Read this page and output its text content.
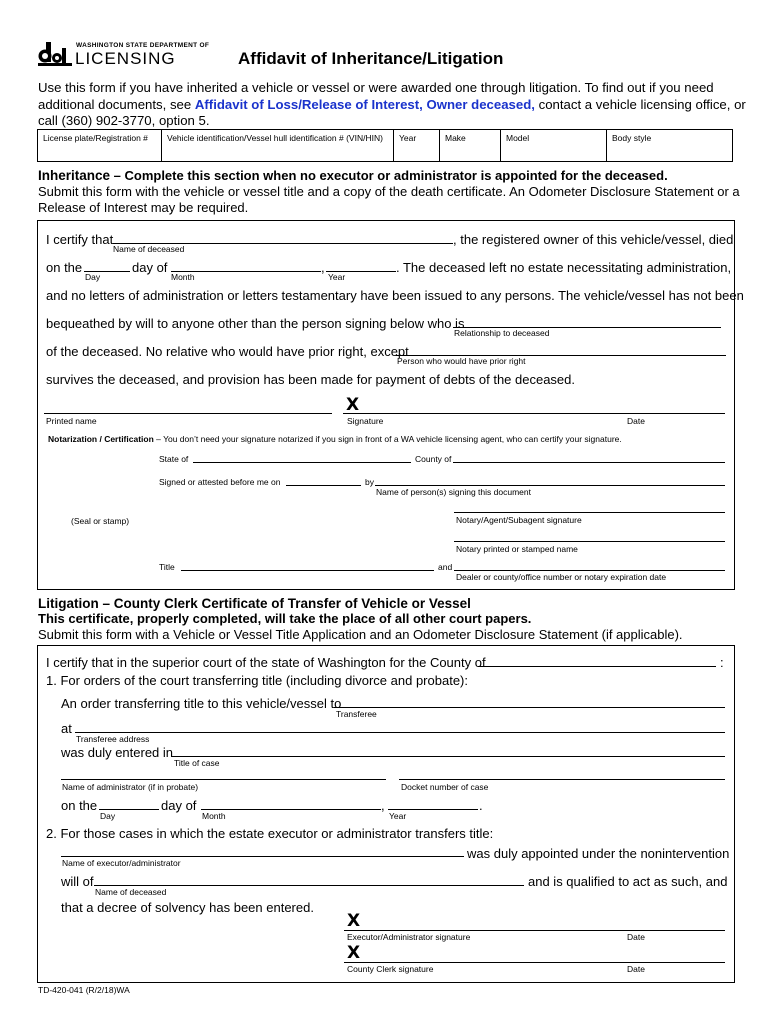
WASHINGTON STATE DEPARTMENT OF
LICENSING	Affidavit of Inheritance/Litigation
Use this form if you have inherited a vehicle or vessel or were awarded one through litigation. To find out if you need
additional documents, see Affidavit of Loss/Release of Interest, Owner deceased, contact a vehicle licensing office, or
call (360) 902-3770, option 5.
License plate/Registration #	Vehicle identification/Vessel hull identification # (VIN/HIN)	Year	Make	Model	Body style
Inheritance – Complete this section when no executor or administrator is appointed for the deceased.
Submit this form with the vehicle or vessel title and a copy of the death certificate. An Odometer Disclosure Statement or a
Release of Interest may be required.
I certify that	, the registered owner of this vehicle/vessel, died
Name of deceased
on the	day of	,	. The deceased left no estate necessitating administration,
Day	Month	Year
and no letters of administration or letters testamentary have been issued to any persons. The vehicle/vessel has not been
bequeathed by will to anyone other than the person signing below who is
Relationship to deceased
of the deceased. No relative who would have prior right, except
Person who would have prior right
survives the deceased, and provision has been made for payment of debts of the deceased.
X
Printed name	Signature	Date
Notarization / Certification – You don’t need your signature notarized if you sign in front of a WA vehicle licensing agent, who can certify your signature.
State of	County of
Signed or attested before me on	by
Name of person(s) signing this document
(Seal or stamp)	Notary/Agent/Subagent signature
Notary printed or stamped name
Title	and
Dealer or county/office number or notary expiration date
Litigation – County Clerk Certificate of Transfer of Vehicle or Vessel
This certificate, properly completed, will take the place of all other court papers.
Submit this form with a Vehicle or Vessel Title Application and an Odometer Disclosure Statement (if applicable).
I certify that in the superior court of the state of Washington for the County of	:
1. For orders of the court transferring title (including divorce and probate):
An order transferring title to this vehicle/vessel to
Transferee
at
Transferee address
was duly entered in
Title of case
Name of administrator (if in probate)	Docket number of case
on the	day of	,	.
Day	Month	Year
2. For those cases in which the estate executor or administrator transfers title:
was duly appointed under the nonintervention
Name of executor/administrator
will of	and is qualified to act as such, and
Name of deceased
that a decree of solvency has been entered.
X
Executor/Administrator signature	Date
X
County Clerk signature	Date
TD-420-041 (R/2/18)WA
